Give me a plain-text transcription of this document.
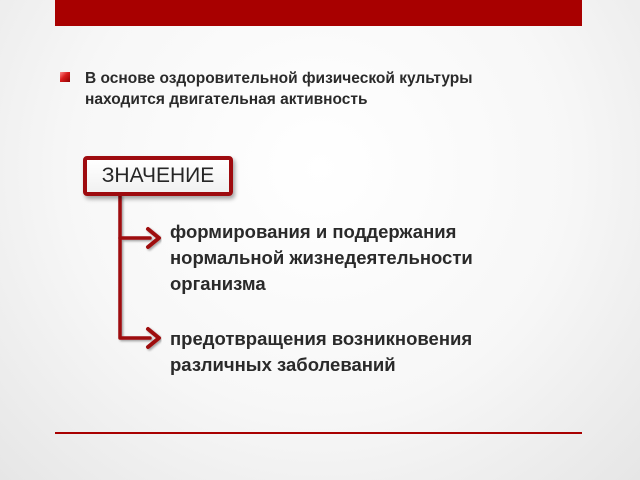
В основе оздоровительной физической культуры
находится двигательная активность
ЗНАЧЕНИЕ
формирования и поддержания
нормальной жизнедеятельности
организма
предотвращения возникновения
различных заболеваний
